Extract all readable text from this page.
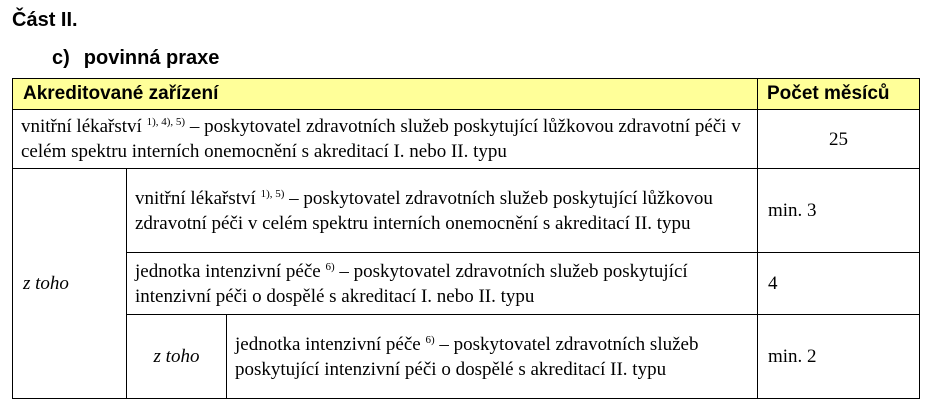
Část II.
c) povinná praxe
Akreditované zařízení			Počet měsíců
vnitřní lékařství $^{1), 4), 5)}$ – poskytovatel zdravotních služeb poskytující lůžkovou zdravotní péči v celém spektru interních onemocnění s akreditací I. nebo II. typu			25
z toho	vnitřní lékařství $^{1), 5)}$ – poskytovatel zdravotních služeb poskytující lůžkovou zdravotní péči v celém spektru interních onemocnění s akreditací II. typu		min. 3
	jednotka intenzivní péče $^{6)}$ – poskytovatel zdravotních služeb poskytující intenzivní péči o dospělé s akreditací I. nebo II. typu		4
	z toho	jednotka intenzivní péče $^{6)}$ – poskytovatel zdravotních služeb poskytující intenzivní péči o dospělé s akreditací II. typu	min. 2
